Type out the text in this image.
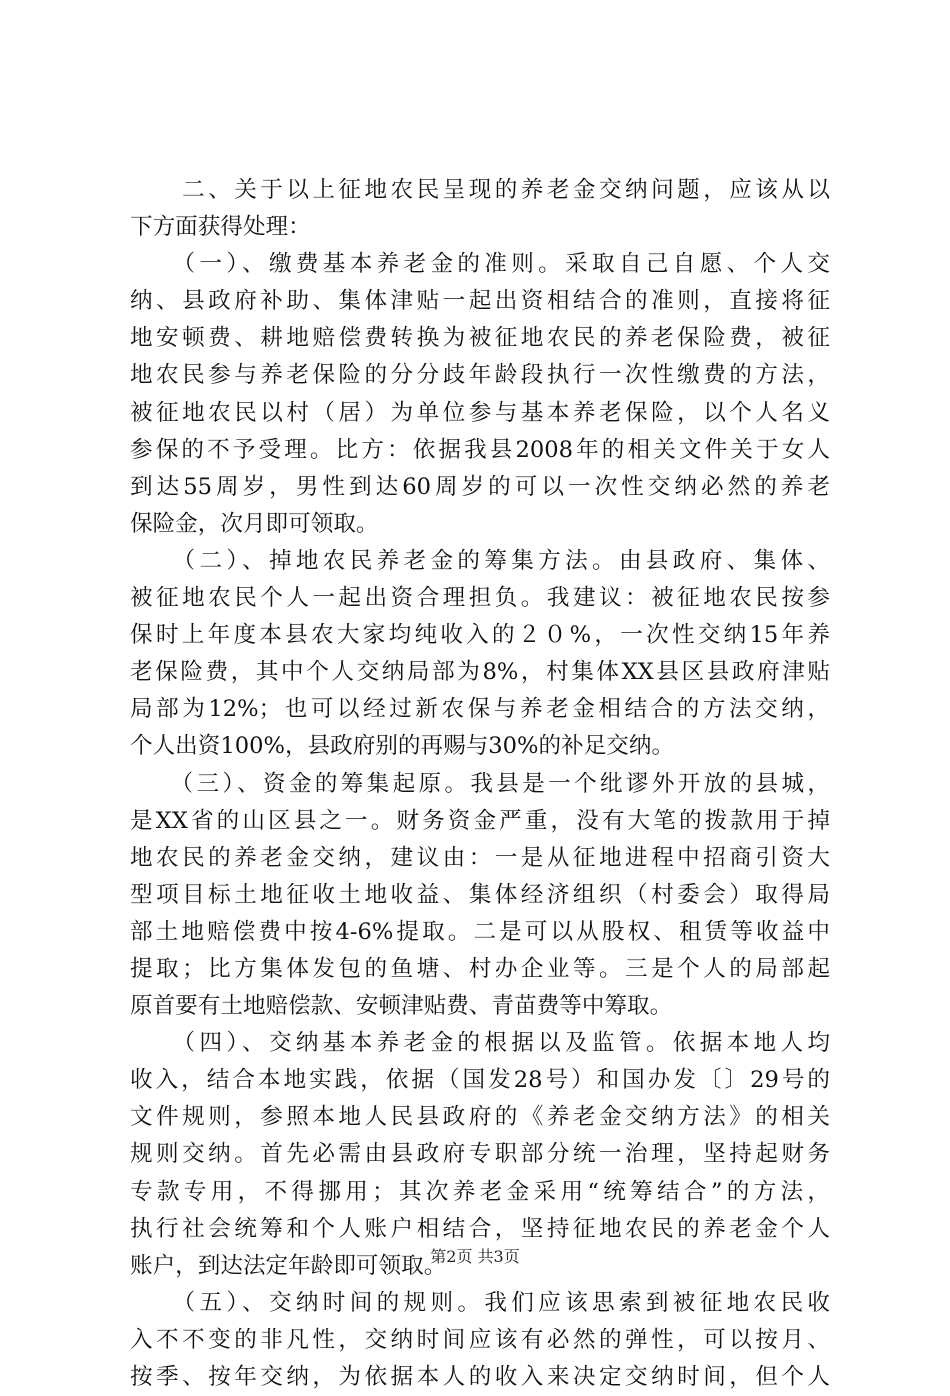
　　二、关于以上征地农民呈现的养老金交纳问题，应该从以
下方面获得处理：
　　（一）、缴费基本养老金的准则。采取自己自愿、个人交
纳、县政府补助、集体津贴一起出资相结合的准则，直接将征
地安顿费、耕地赔偿费转换为被征地农民的养老保险费，被征
地农民参与养老保险的分分歧年龄段执行一次性缴费的方法，
被征地农民以村（居）为单位参与基本养老保险，以个人名义
参保的不予受理。比方：依据我县2008年的相关文件关于女人
到达55周岁，男性到达60周岁的可以一次性交纳必然的养老
保险金，次月即可领取。
　　（二）、掉地农民养老金的筹集方法。由县政府、集体、
被征地农民个人一起出资合理担负。我建议：被征地农民按参
保时上年度本县农大家均纯收入的２０%，一次性交纳15年养
老保险费，其中个人交纳局部为8%，村集体XX县区县政府津贴
局部为12%；也可以经过新农保与养老金相结合的方法交纳，
个人出资100%，县政府别的再赐与30%的补足交纳。
　　（三）、资金的筹集起原。我县是一个纰谬外开放的县城，
是XX省的山区县之一。财务资金严重，没有大笔的拨款用于掉
地农民的养老金交纳，建议由：一是从征地进程中招商引资大
型项目标土地征收土地收益、集体经济组织（村委会）取得局
部土地赔偿费中按4-6%提取。二是可以从股权、租赁等收益中
提取；比方集体发包的鱼塘、村办企业等。三是个人的局部起
原首要有土地赔偿款、安顿津贴费、青苗费等中筹取。
　　（四）、交纳基本养老金的根据以及监管。依据本地人均
收入，结合本地实践，依据（国发28号）和国办发〔〕29号的
文件规则，参照本地人民县政府的《养老金交纳方法》的相关
规则交纳。首先必需由县政府专职部分统一治理，坚持起财务
专款专用，不得挪用；其次养老金采用“统筹结合”的方法，
执行社会统筹和个人账户相结合，坚持征地农民的养老金个人
账户，到达法定年龄即可领取。
　　（五）、交纳时间的规则。我们应该思索到被征地农民收
入不不变的非凡性，交纳时间应该有必然的弹性，可以按月、
按季、按年交纳，为依据本人的收入来决定交纳时间，但个人
第2页 共3页
